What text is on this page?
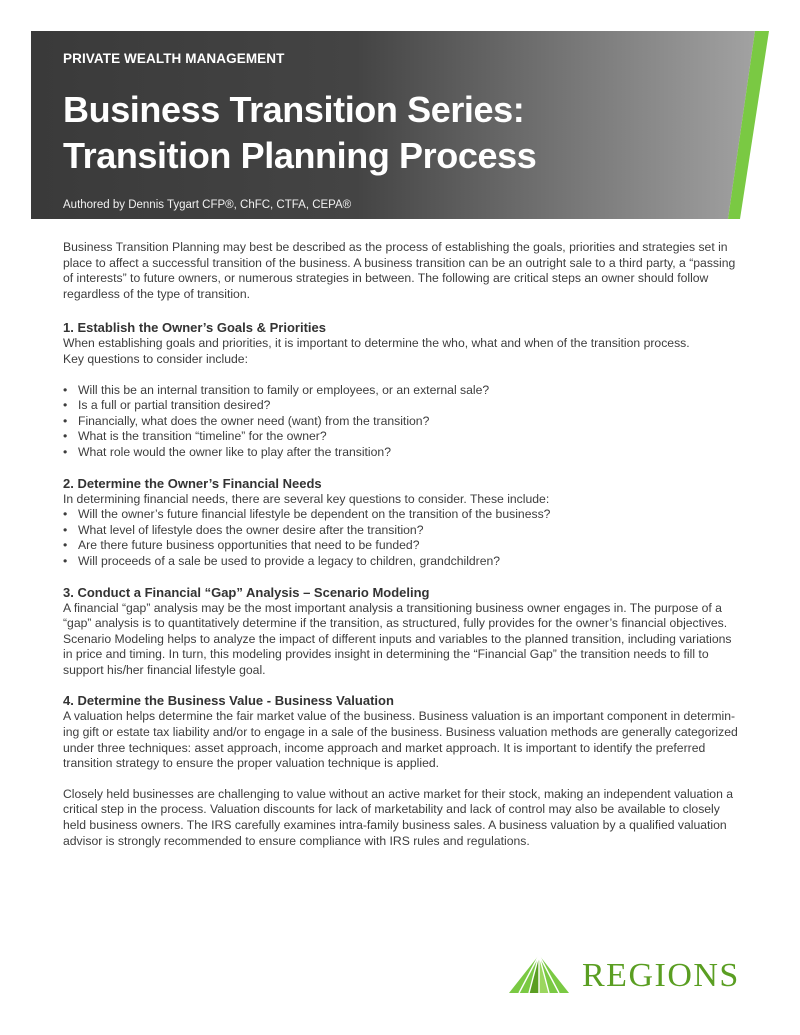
PRIVATE WEALTH MANAGEMENT
Business Transition Series:
Transition Planning Process
Authored by Dennis Tygart CFP®, ChFC, CTFA, CEPA®

Business Transition Planning may best be described as the process of establishing the goals, priorities and strategies set in place to affect a successful transition of the business. A business transition can be an outright sale to a third party, a “passing of interests” to future owners, or numerous strategies in between. The following are critical steps an owner should follow regardless of the type of transition.

1. Establish the Owner’s Goals & Priorities

When establishing goals and priorities, it is important to determine the who, what and when of the transition process.

Key questions to consider include:

• Will this be an internal transition to family or employees, or an external sale?
• Is a full or partial transition desired?
• Financially, what does the owner need (want) from the transition?
• What is the transition “timeline” for the owner?
• What role would the owner like to play after the transition?
2. Determine the Owner’s Financial Needs

In determining financial needs, there are several key questions to consider. These include:

• Will the owner’s future financial lifestyle be dependent on the transition of the business?
• What level of lifestyle does the owner desire after the transition?
• Are there future business opportunities that need to be funded?
• Will proceeds of a sale be used to provide a legacy to children, grandchildren?
3. Conduct a Financial “Gap” Analysis – Scenario Modeling

A financial “gap” analysis may be the most important analysis a transitioning business owner engages in. The purpose of a “gap” analysis is to quantitatively determine if the transition, as structured, fully provides for the owner’s financial objectives. Scenario Modeling helps to analyze the impact of different inputs and variables to the planned transition, including variations in price and timing. In turn, this modeling provides insight in determining the “Financial Gap” the transition needs to fill to support his/her financial lifestyle goal.

4. Determine the Business Value - Business Valuation

A valuation helps determine the fair market value of the business. Business valuation is an important component in determin-ing gift or estate tax liability and/or to engage in a sale of the business. Business valuation methods are generally categorized under three techniques: asset approach, income approach and market approach. It is important to identify the preferred transition strategy to ensure the proper valuation technique is applied.

Closely held businesses are challenging to value without an active market for their stock, making an independent valuation a critical step in the process. Valuation discounts for lack of marketability and lack of control may also be available to closely held business owners. The IRS carefully examines intra-family business sales. A business valuation by a qualified valuation advisor is strongly recommended to ensure compliance with IRS rules and regulations.

REGIONS
